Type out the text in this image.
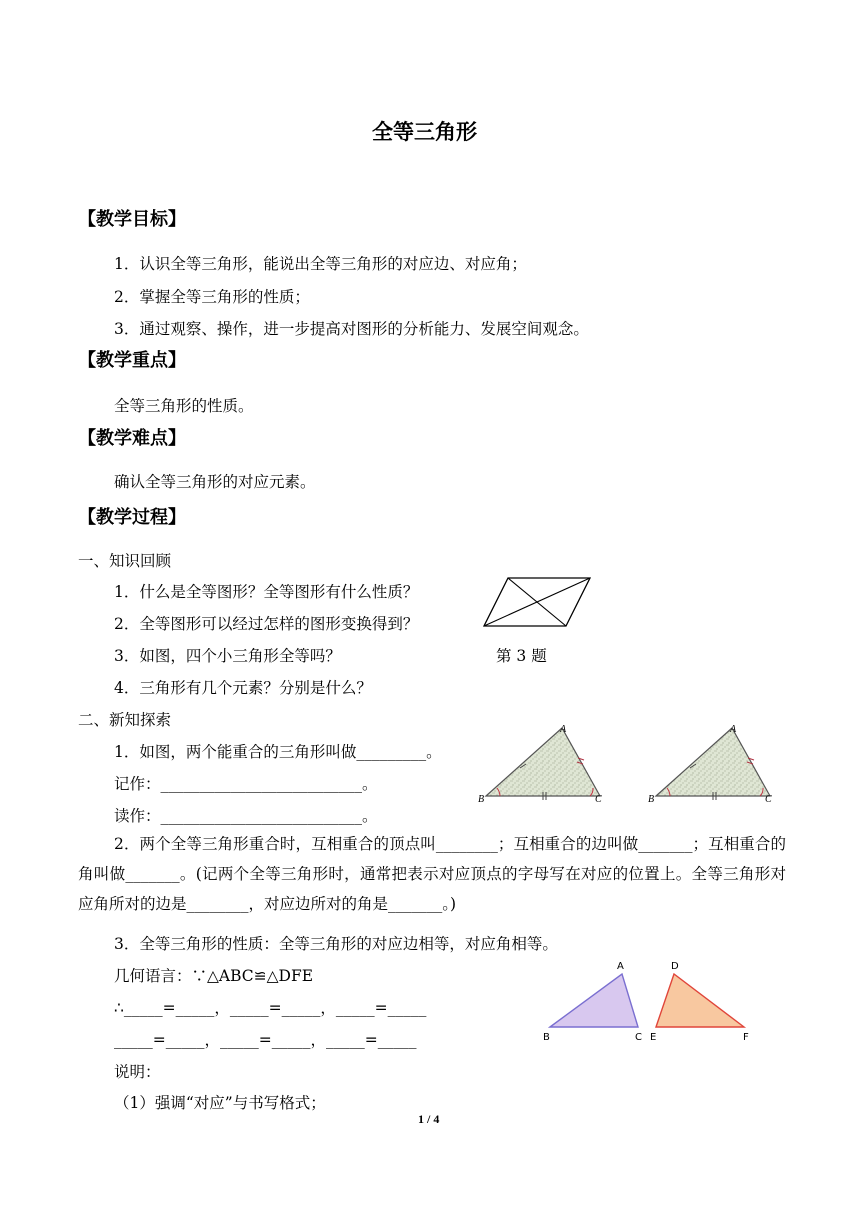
全等三角形
【教学目标】
1．认识全等三角形，能说出全等三角形的对应边、对应角；
2．掌握全等三角形的性质；
3．通过观察、操作，进一步提高对图形的分析能力、发展空间观念。
【教学重点】
全等三角形的性质。
【教学难点】
确认全等三角形的对应元素。
【教学过程】
一、知识回顾
1．什么是全等图形？全等图形有什么性质？
2．全等图形可以经过怎样的图形变换得到？
3．如图，四个小三角形全等吗？
4．三角形有几个元素？分别是什么？
第 3 题
二、新知探索
1．如图，两个能重合的三角形叫做_________。
记作：__________________________。
读作：__________________________。
A
B	C
A
B	C
2．两个全等三角形重合时，互相重合的顶点叫________；互相重合的边叫做_______；互相重合的角叫做_______。(记两个全等三角形时，通常把表示对应顶点的字母写在对应的位置上。全等三角形对应角所对的边是________，对应边所对的角是_______。)
3．全等三角形的性质：全等三角形的对应边相等，对应角相等。
几何语言：∵△ABC≌△DFE
∴_____=_____，_____=_____，_____=_____
_____=_____，_____=_____，_____=_____
说明：
（1）强调“对应”与书写格式；
A
B	C
D
E	F
1 / 4
